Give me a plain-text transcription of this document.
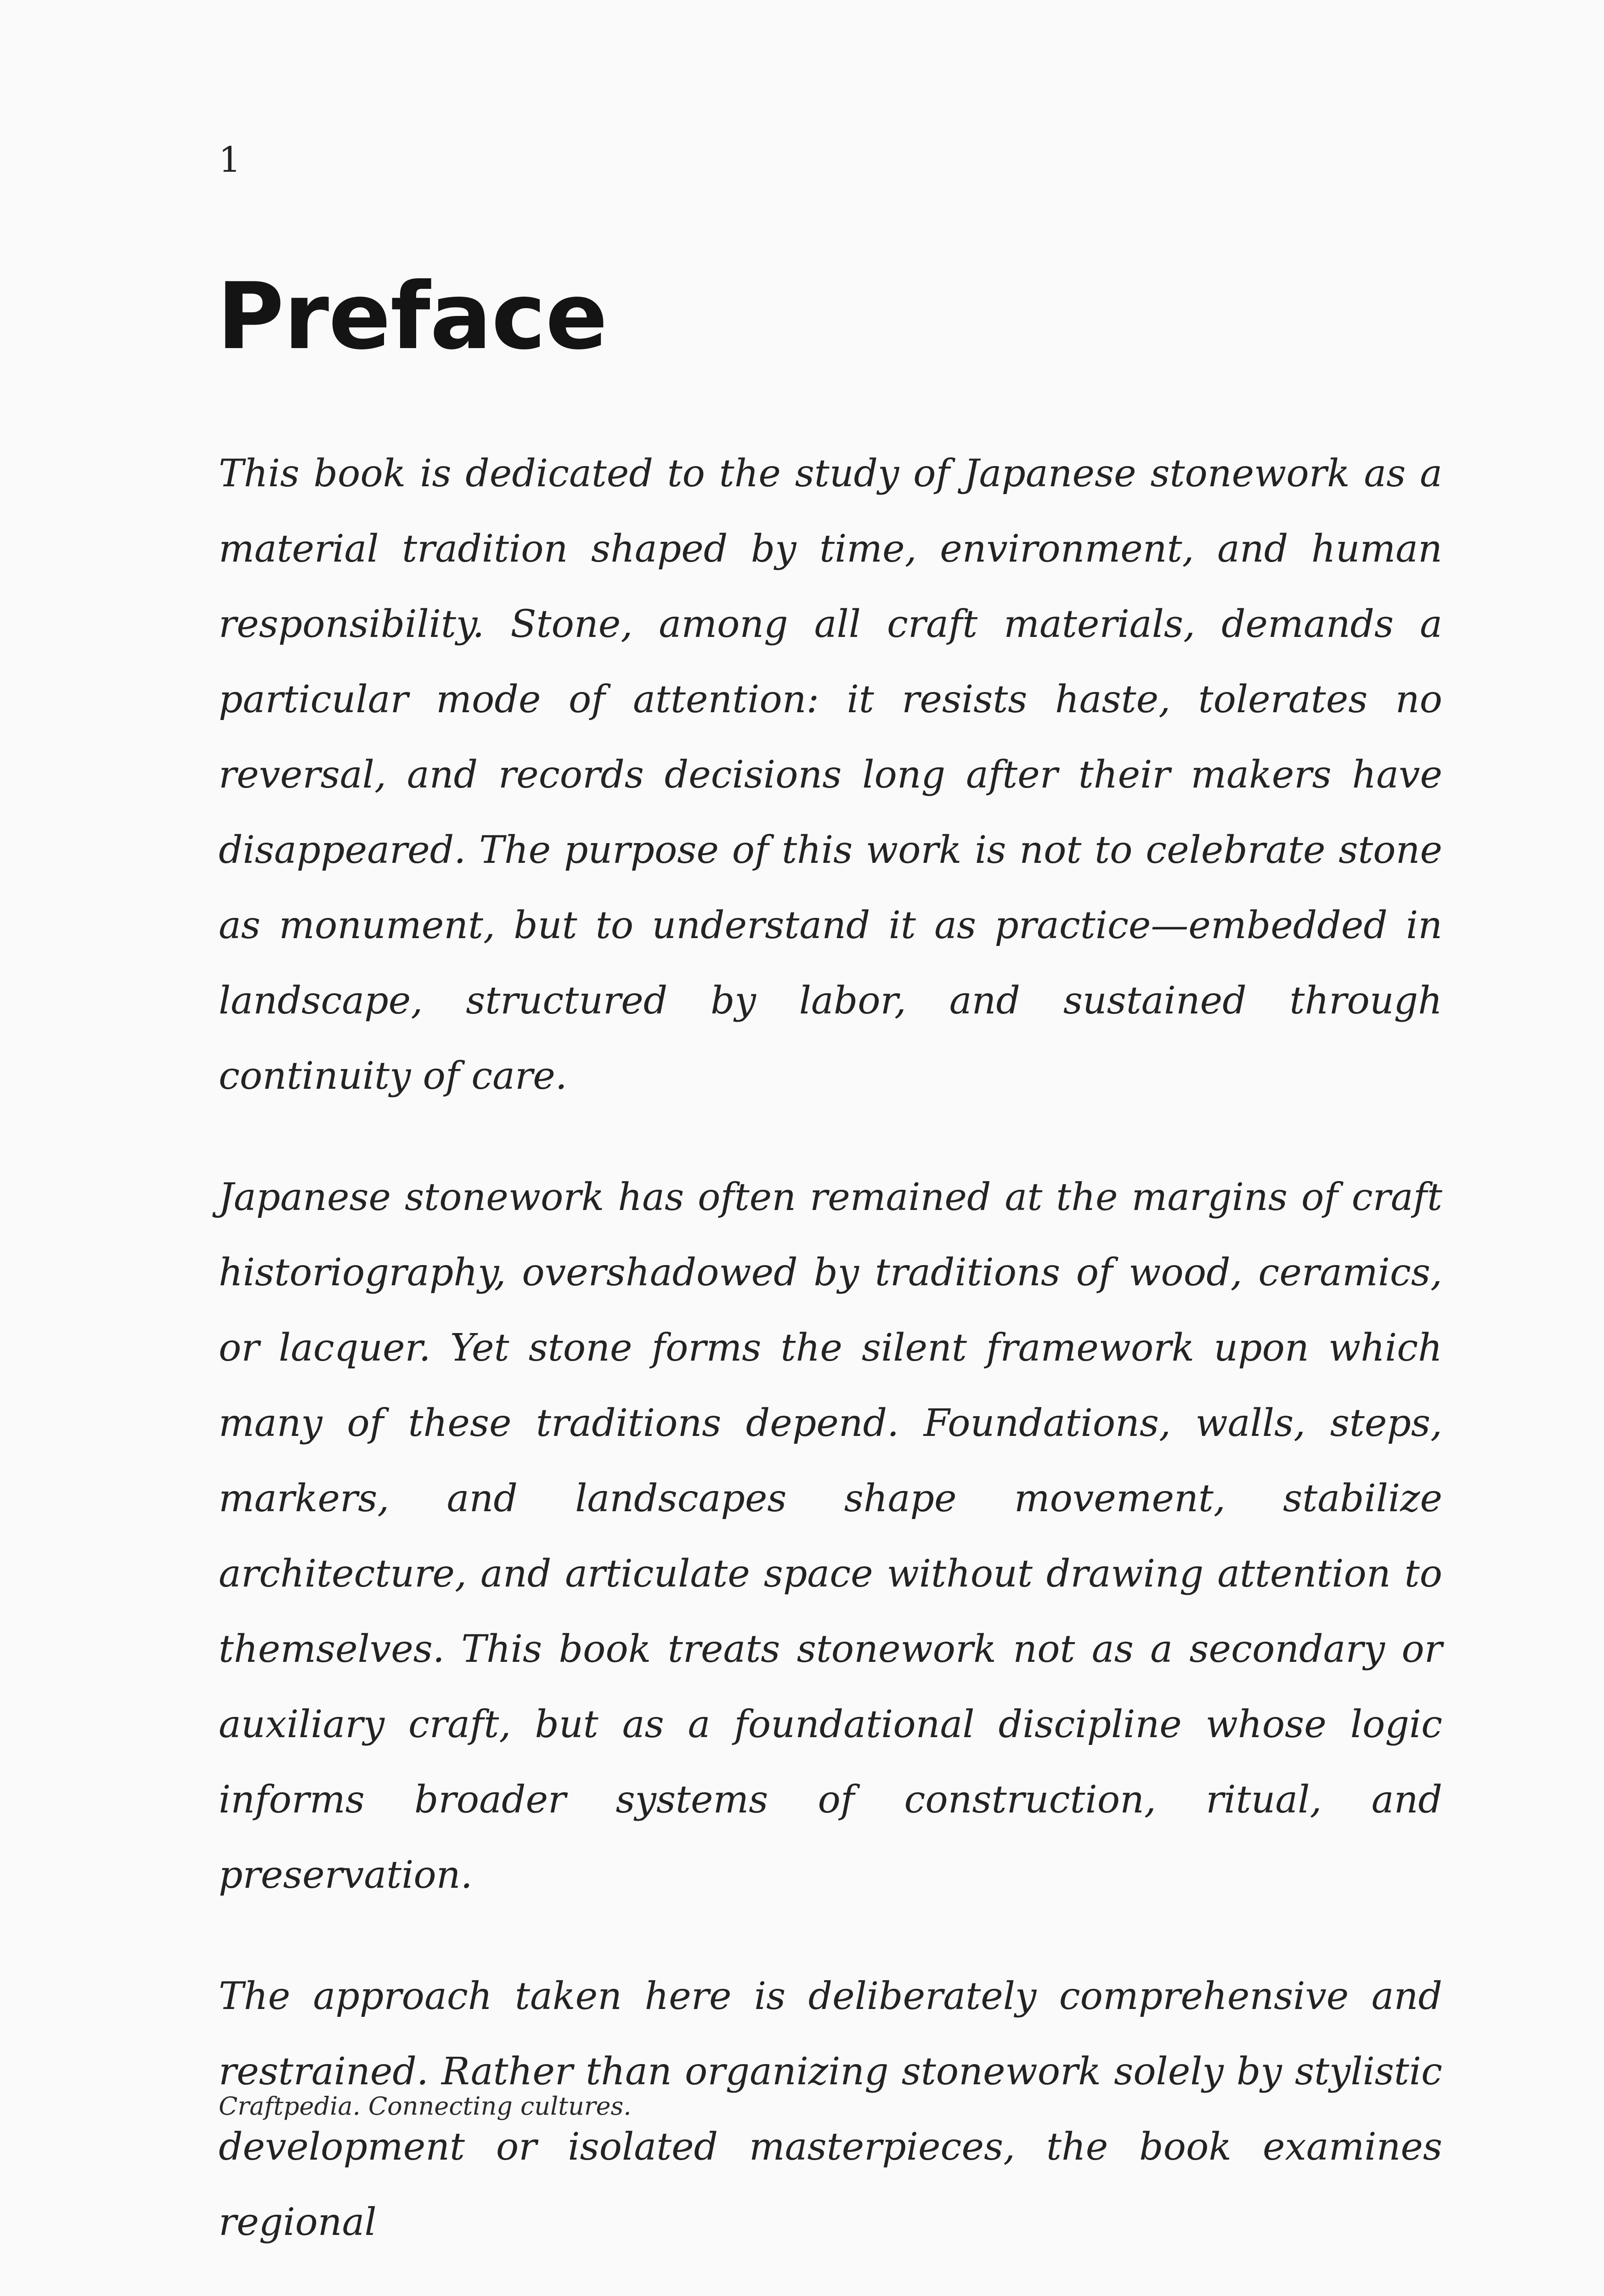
1
Preface

This book is dedicated to the study of Japanese stonework as a material tradition shaped by time, environment, and human responsibility. Stone, among all craft materials, demands a particular mode of attention: it resists haste, tolerates no reversal, and records decisions long after their makers have disappeared. The purpose of this work is not to celebrate stone as monument, but to understand it as practice—embedded in landscape, structured by labor, and sustained through continuity of care.

Japanese stonework has often remained at the margins of craft historiography, overshadowed by traditions of wood, ceramics, or lacquer. Yet stone forms the silent framework upon which many of these traditions depend. Foundations, walls, steps, markers, and landscapes shape movement, stabilize architecture, and articulate space without drawing attention to themselves. This book treats stonework not as a secondary or auxiliary craft, but as a foundational discipline whose logic informs broader systems of construction, ritual, and preservation.

The approach taken here is deliberately comprehensive and restrained. Rather than organizing stonework solely by stylistic development or isolated masterpieces, the book examines regional

Craftpedia. Connecting cultures.
